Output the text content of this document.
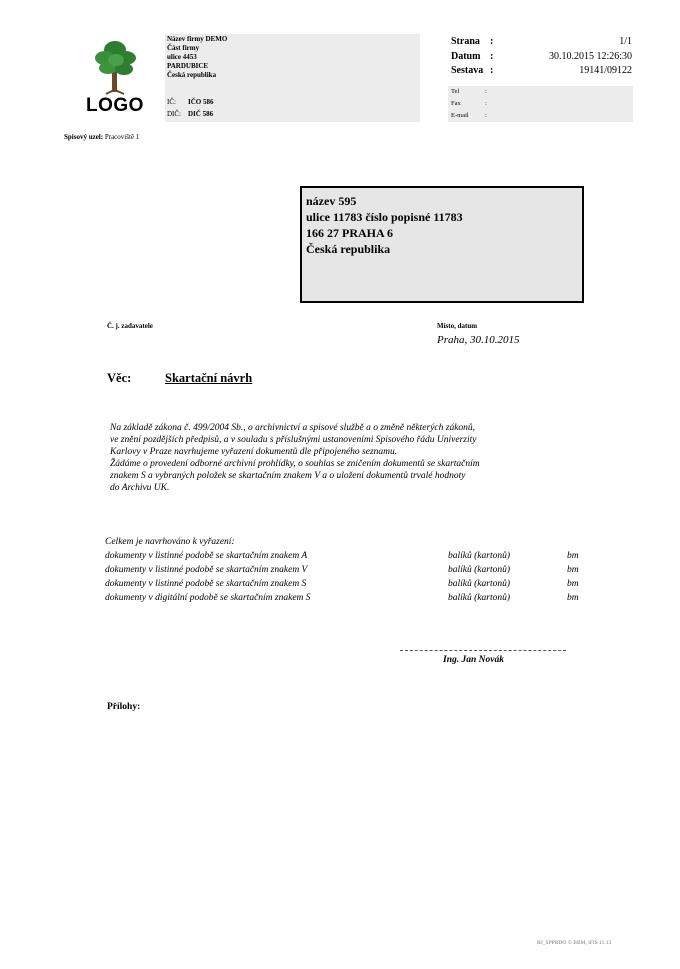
LOGO
Název firmy DEMO
Část firmy
ulice 4453
PARDUBICE
Česká republika
IČ: IČO 586
DIČ: DIČ 586
Strana :	1/1
Datum :	30.10.2015 12:26:30
Sestava :	19141/09122
Tel	:
Fax	:
E-mail	:
Spisový uzel: Pracoviště 1
název 595
ulice 11783 číslo popisné 11783
166 27 PRAHA 6
Česká republika
Č. j. zadavatele	Místo, datum
Praha, 30.10.2015
Věc:	Skartační návrh
Na základě zákona č. 499/2004 Sb., o archivnictví a spisové službě a o změně některých zákonů,
ve znění pozdějších předpisů, a v souladu s příslušnými ustanoveními Spisového řádu Univerzity
Karlovy v Praze navrhujeme vyřazení dokumentů dle připojeného seznamu.
Žádáme o provedení odborné archivní prohlídky, o souhlas se zničením dokumentů se skartačním
znakem S a vybraných položek se skartačním znakem V a o uložení dokumentů trvalé hodnoty
do Archivu UK.
Celkem je navrhováno k vyřazení:
dokumenty v listinné podobě se skartačním znakem A	balíků (kartonů)	bm
dokumenty v listinné podobě se skartačním znakem V	balíků (kartonů)	bm
dokumenty v listinné podobě se skartačním znakem S	balíků (kartonů)	bm
dokumenty v digitální podobě se skartačním znakem S	balíků (kartonů)	bm
Ing. Jan Novák
Přílohy:
RJ_SPPRDO © BBM, iFIS 11.13
